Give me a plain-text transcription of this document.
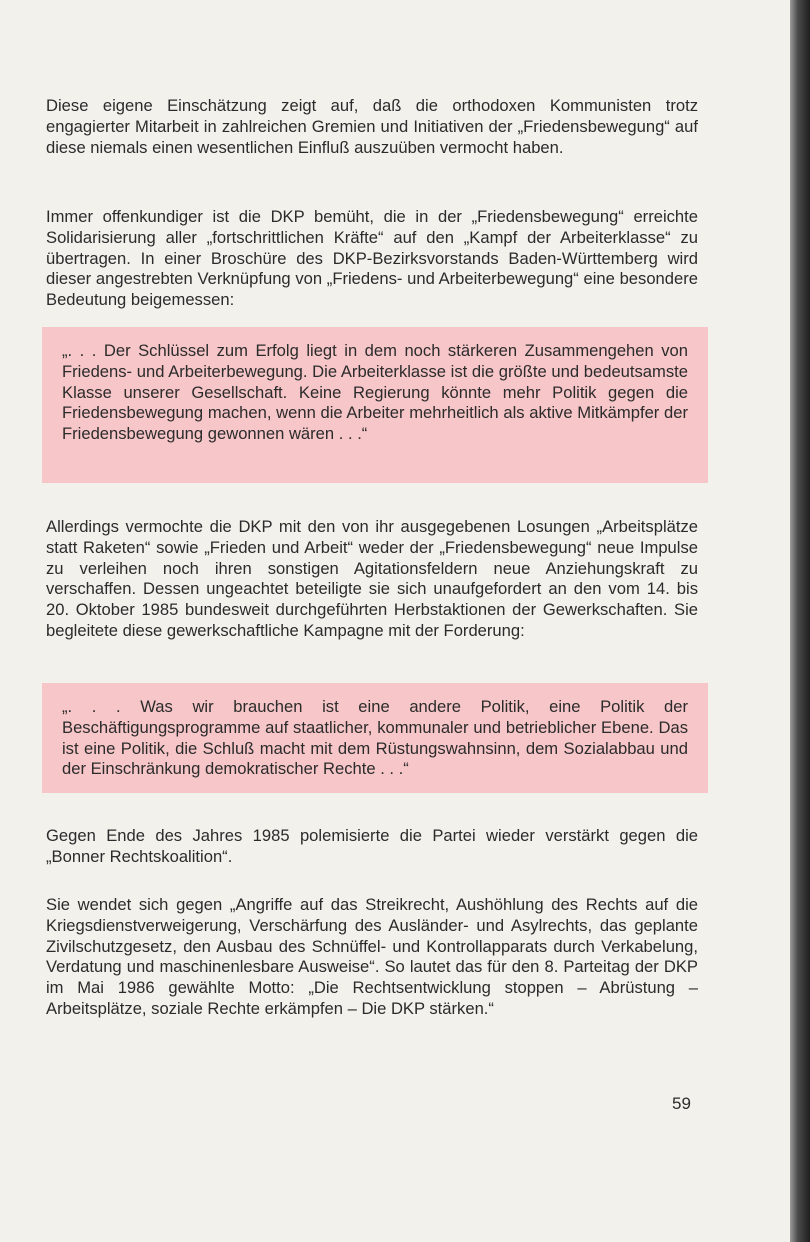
Diese eigene Einschätzung zeigt auf, daß die orthodoxen Kommunisten trotz engagierter Mitarbeit in zahlreichen Gremien und Initiativen der „Friedensbewegung“ auf diese niemals einen wesentlichen Einfluß auszuüben vermocht haben.

Immer offenkundiger ist die DKP bemüht, die in der „Friedensbewegung“ erreichte Solidarisierung aller „fortschrittlichen Kräfte“ auf den „Kampf der Arbeiterklasse“ zu übertragen. In einer Broschüre des DKP-Bezirksvorstands Baden-Württemberg wird dieser angestrebten Verknüpfung von „Friedens- und Arbeiterbewegung“ eine besondere Bedeutung beigemessen:

„. . . Der Schlüssel zum Erfolg liegt in dem noch stärkeren Zusammengehen von Friedens- und Arbeiterbewegung. Die Arbeiterklasse ist die größte und bedeutsamste Klasse unserer Gesellschaft. Keine Regierung könnte mehr Politik gegen die Friedensbewegung machen, wenn die Arbeiter mehrheitlich als aktive Mitkämpfer der Friedensbewegung gewonnen wären . . .“

Allerdings vermochte die DKP mit den von ihr ausgegebenen Losungen „Arbeitsplätze statt Raketen“ sowie „Frieden und Arbeit“ weder der „Friedensbewegung“ neue Impulse zu verleihen noch ihren sonstigen Agitationsfeldern neue Anziehungskraft zu verschaffen. Dessen ungeachtet beteiligte sie sich unaufgefordert an den vom 14. bis 20. Oktober 1985 bundesweit durchgeführten Herbstaktionen der Gewerkschaften. Sie begleitete diese gewerkschaftliche Kampagne mit der Forderung:

„. . . Was wir brauchen ist eine andere Politik, eine Politik der Beschäftigungsprogramme auf staatlicher, kommunaler und betrieblicher Ebene. Das ist eine Politik, die Schluß macht mit dem Rüstungswahnsinn, dem Sozialabbau und der Einschränkung demokratischer Rechte . . .“

Gegen Ende des Jahres 1985 polemisierte die Partei wieder verstärkt gegen die „Bonner Rechtskoalition“.

Sie wendet sich gegen „Angriffe auf das Streikrecht, Aushöhlung des Rechts auf die Kriegsdienstverweigerung, Verschärfung des Ausländer- und Asylrechts, das geplante Zivilschutzgesetz, den Ausbau des Schnüffel- und Kontrollapparats durch Verkabelung, Verdatung und maschinenlesbare Ausweise“. So lautet das für den 8. Parteitag der DKP im Mai 1986 gewählte Motto: „Die Rechtsentwicklung stoppen – Abrüstung – Arbeitsplätze, soziale Rechte erkämpfen – Die DKP stärken.“

59
